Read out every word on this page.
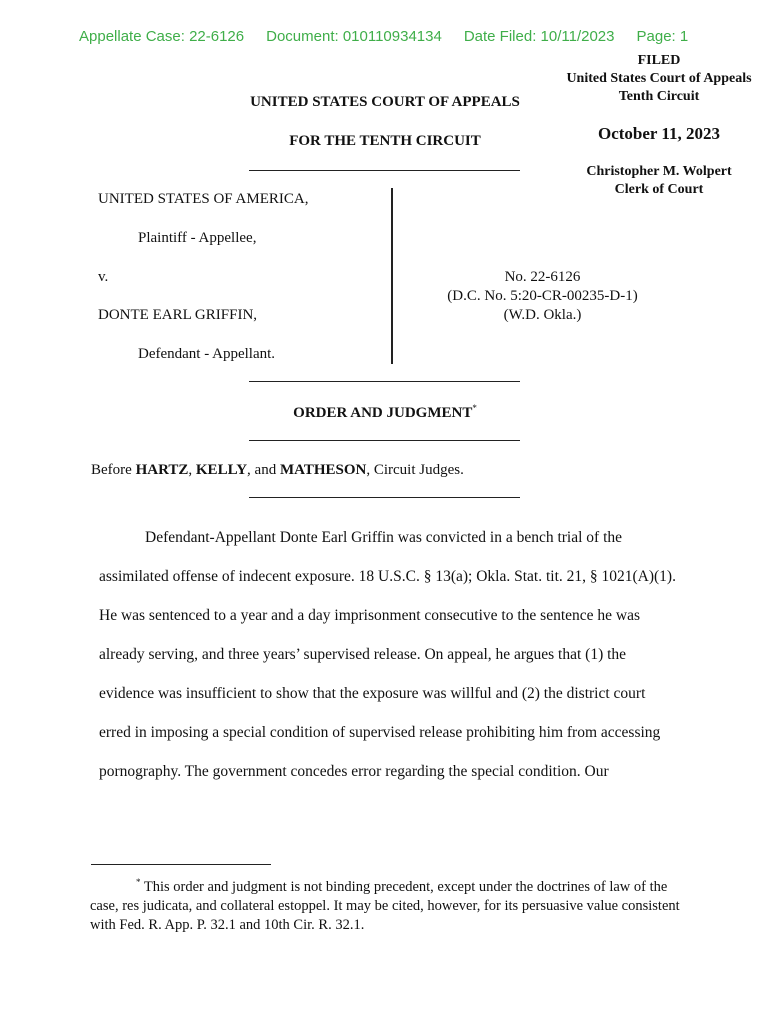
Appellate Case: 22-6126 Document: 010110934134 Date Filed: 10/11/2023 Page: 1
FILED
United States Court of Appeals
Tenth Circuit
October 11, 2023
Christopher M. Wolpert
Clerk of Court
UNITED STATES COURT OF APPEALS
FOR THE TENTH CIRCUIT
UNITED STATES OF AMERICA,
Plaintiff - Appellee,
v.
DONTE EARL GRIFFIN,
Defendant - Appellant.
No. 22-6126
(D.C. No. 5:20-CR-00235-D-1)
(W.D. Okla.)
ORDER AND JUDGMENT*
Before HARTZ, KELLY, and MATHESON, Circuit Judges.

Defendant-Appellant Donte Earl Griffin was convicted in a bench trial of the assimilated offense of indecent exposure. 18 U.S.C. § 13(a); Okla. Stat. tit. 21, § 1021(A)(1). He was sentenced to a year and a day imprisonment consecutive to the sentence he was already serving, and three years’ supervised release. On appeal, he argues that (1) the evidence was insufficient to show that the exposure was willful and (2) the district court erred in imposing a special condition of supervised release prohibiting him from accessing pornography. The government concedes error regarding the special condition. Our

* This order and judgment is not binding precedent, except under the doctrines of law of the case, res judicata, and collateral estoppel. It may be cited, however, for its persuasive value consistent with Fed. R. App. P. 32.1 and 10th Cir. R. 32.1.
